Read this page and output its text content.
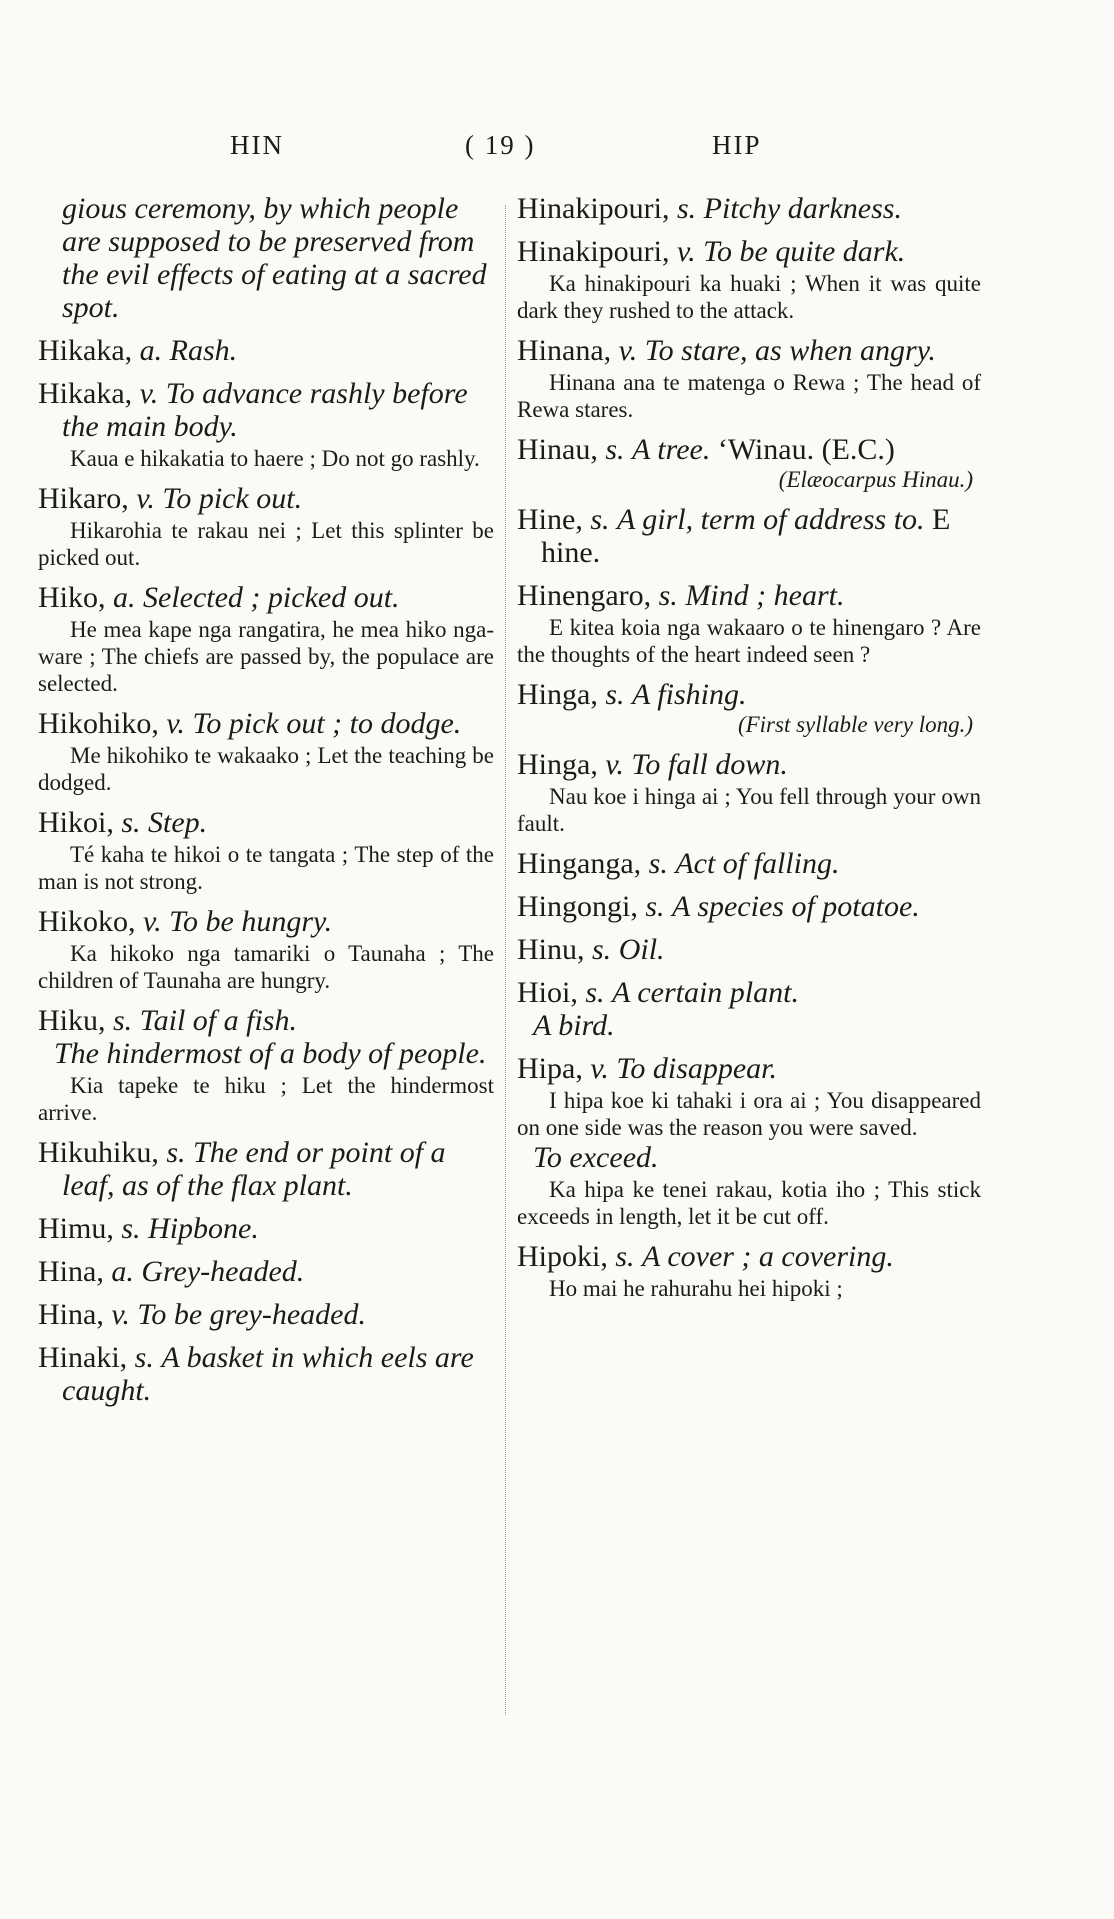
HIN	( 19 )	HIP
gious ceremony, by which people are supposed to be preserved from the evil effects of eating at a sacred spot.
Hikaka, a. Rash.
Hikaka, v. To advance rashly before the main body.
Kaua e hikakatia to haere ; Do not go rashly.
Hikaro, v. To pick out.
Hikarohia te rakau nei ; Let this splinter be picked out.
Hiko, a. Selected ; picked out.
He mea kape nga rangatira, he mea hiko nga-ware ; The chiefs are passed by, the populace are selected.
Hikohiko, v. To pick out ; to dodge.
Me hikohiko te wakaako ; Let the teaching be dodged.
Hikoi, s. Step.
Té kaha te hikoi o te tangata ; The step of the man is not strong.
Hikoko, v. To be hungry.
Ka hikoko nga tamariki o Taunaha ; The children of Taunaha are hungry.
Hiku, s. Tail of a fish.
The hindermost of a body of people.
Kia tapeke te hiku ; Let the hindermost arrive.
Hikuhiku, s. The end or point of a leaf, as of the flax plant.
Himu, s. Hipbone.
Hina, a. Grey-headed.
Hina, v. To be grey-headed.
Hinaki, s. A basket in which eels are caught.
Hinakipouri, s. Pitchy darkness.
Hinakipouri, v. To be quite dark.
Ka hinakipouri ka huaki ; When it was quite dark they rushed to the attack.
Hinana, v. To stare, as when angry.
Hinana ana te matenga o Rewa ; The head of Rewa stares.
Hinau, s. A tree. ‘Winau. (E.C.)
(Elæocarpus Hinau.)
Hine, s. A girl, term of address to. E hine.
Hinengaro, s. Mind ; heart.
E kitea koia nga wakaaro o te hinengaro ? Are the thoughts of the heart indeed seen ?
Hinga, s. A fishing.
(First syllable very long.)
Hinga, v. To fall down.
Nau koe i hinga ai ; You fell through your own fault.
Hinganga, s. Act of falling.
Hingongi, s. A species of potatoe.
Hinu, s. Oil.
Hioi, s. A certain plant.
A bird.
Hipa, v. To disappear.
I hipa koe ki tahaki i ora ai ; You disappeared on one side was the reason you were saved.
To exceed.
Ka hipa ke tenei rakau, kotia iho ; This stick exceeds in length, let it be cut off.
Hipoki, s. A cover ; a covering.
Ho mai he rahurahu hei hipoki ;
